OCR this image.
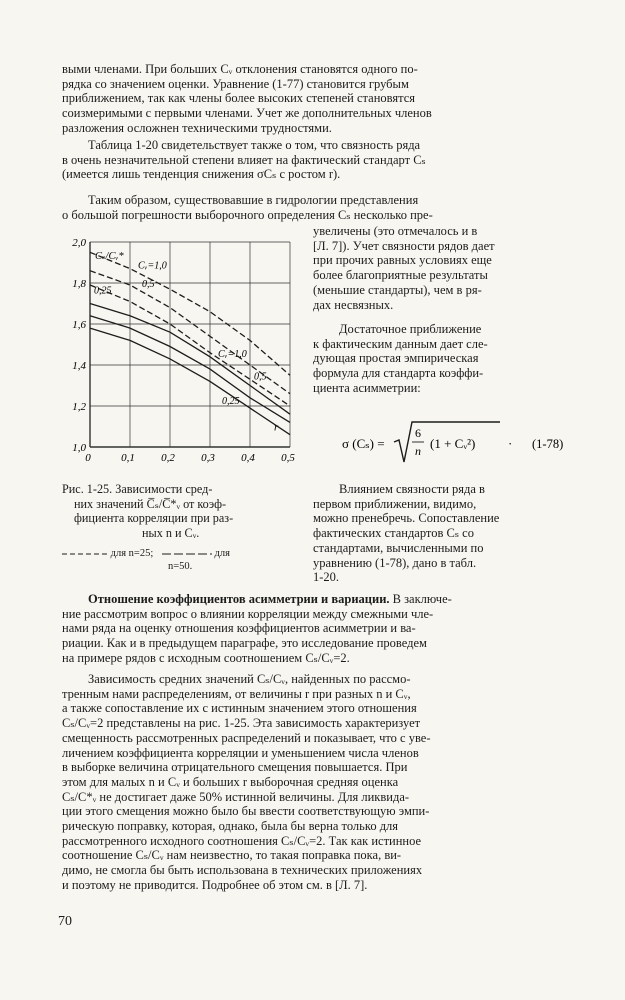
выми членами. При больших Cᵥ отклонения становятся одного по-
рядка со значением оценки. Уравнение (1-77) становится грубым
приближением, так как члены более высоких степеней становятся
соизмеримыми с первыми членами. Учет же дополнительных членов
разложения осложнен техническими трудностями.
Таблица 1-20 свидетельствует также о том, что связность ряда
в очень незначительной степени влияет на фактический стандарт Cₛ
(имеется лишь тенденция снижения σCₛ с ростом r).
Таким образом, существовавшие в гидрологии представления
о большой погрешности выборочного определения Cₛ несколько пре-
0	0,1 0,2 0,3 0,4 0,5
1,0
1,2
1,4
1,6
1,8
2,0
Cₛ/Cᵥ*
Cᵥ=1,0
0,5
0,25
Cᵥ=1,0
0,5
0,25
r
увеличены (это отмечалось и в
[Л. 7]). Учет связности рядов дает
при прочих равных условиях еще
более благоприятные результаты
(меньшие стандарты), чем в ря-
дах несвязных.
Достаточное приближение
к фактическим данным дает сле-
дующая простая эмпирическая
формула для стандарта коэффи-
циента асимметрии:
σ (Cₛ) =
6
n (1 + Cᵥ²)	· (1-78)
Рис. 1-25. Зависимости сред-
них значений C̅ₛ/C̅*ᵥ от коэф-
фициента корреляции при раз-
ных n и Cᵥ.
для n=25;	для
n=50.
Влиянием связности ряда в
первом приближении, видимо,
можно пренебречь. Сопоставление
фактических стандартов Cₛ со
стандартами, вычисленными по
уравнению (1-78), дано в табл.
1-20.
Отношение коэффициентов асимметрии и вариации. В заключе-
ние рассмотрим вопрос о влиянии корреляции между смежными чле-
нами ряда на оценку отношения коэффициентов асимметрии и ва-
риации. Как и в предыдущем параграфе, это исследование проведем
на примере рядов с исходным соотношением Cₛ/Cᵥ=2.
Зависимость средних значений Cₛ/Cᵥ, найденных по рассмо-
тренным нами распределениям, от величины r при разных n и Cᵥ,
а также сопоставление их с истинным значением этого отношения
Cₛ/Cᵥ=2 представлены на рис. 1-25. Эта зависимость характеризует
смещенность рассмотренных распределений и показывает, что с уве-
личением коэффициента корреляции и уменьшением числа членов
в выборке величина отрицательного смещения повышается. При
этом для малых n и Cᵥ и больших r выборочная средняя оценка
Cₛ/C*ᵥ не достигает даже 50% истинной величины. Для ликвида-
ции этого смещения можно было бы ввести соответствующую эмпи-
рическую поправку, которая, однако, была бы верна только для
рассмотренного исходного соотношения Cₛ/Cᵥ=2. Так как истинное
соотношение Cₛ/Cᵥ нам неизвестно, то такая поправка пока, ви-
димо, не смогла бы быть использована в технических приложениях
и поэтому не приводится. Подробнее об этом см. в [Л. 7].
70
